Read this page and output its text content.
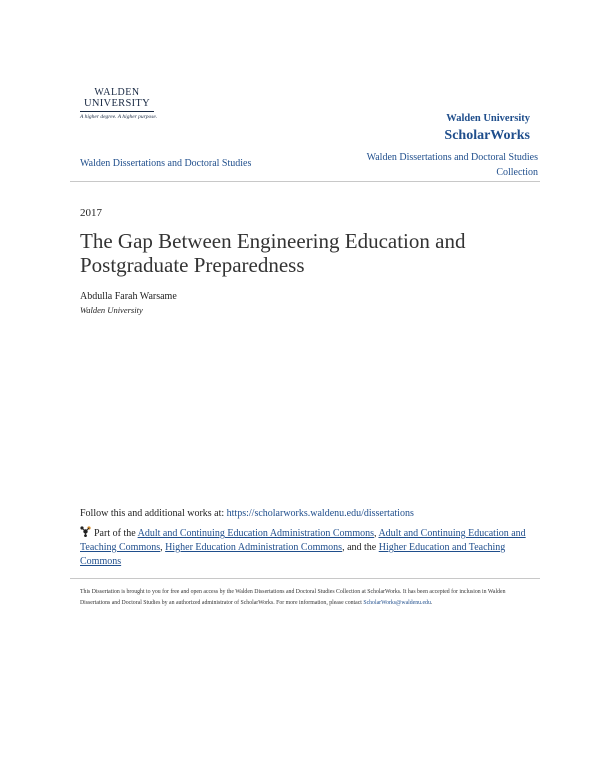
WALDEN
UNIVERSITY
A higher degree. A higher purpose.	Walden University
ScholarWorks
Walden Dissertations and Doctoral Studies
Walden Dissertations and Doctoral Studies Collection
2017
The Gap Between Engineering Education and Postgraduate Preparedness
Abdulla Farah Warsame
Walden University
Follow this and additional works at: https://scholarworks.waldenu.edu/dissertations
Part of the Adult and Continuing Education Administration Commons, Adult and Continuing Education and Teaching Commons, Higher Education Administration Commons, and the Higher Education and Teaching Commons
This Dissertation is brought to you for free and open access by the Walden Dissertations and Doctoral Studies Collection at ScholarWorks. It has been accepted for inclusion in Walden Dissertations and Doctoral Studies by an authorized administrator of ScholarWorks. For more information, please contact ScholarWorks@waldenu.edu.
